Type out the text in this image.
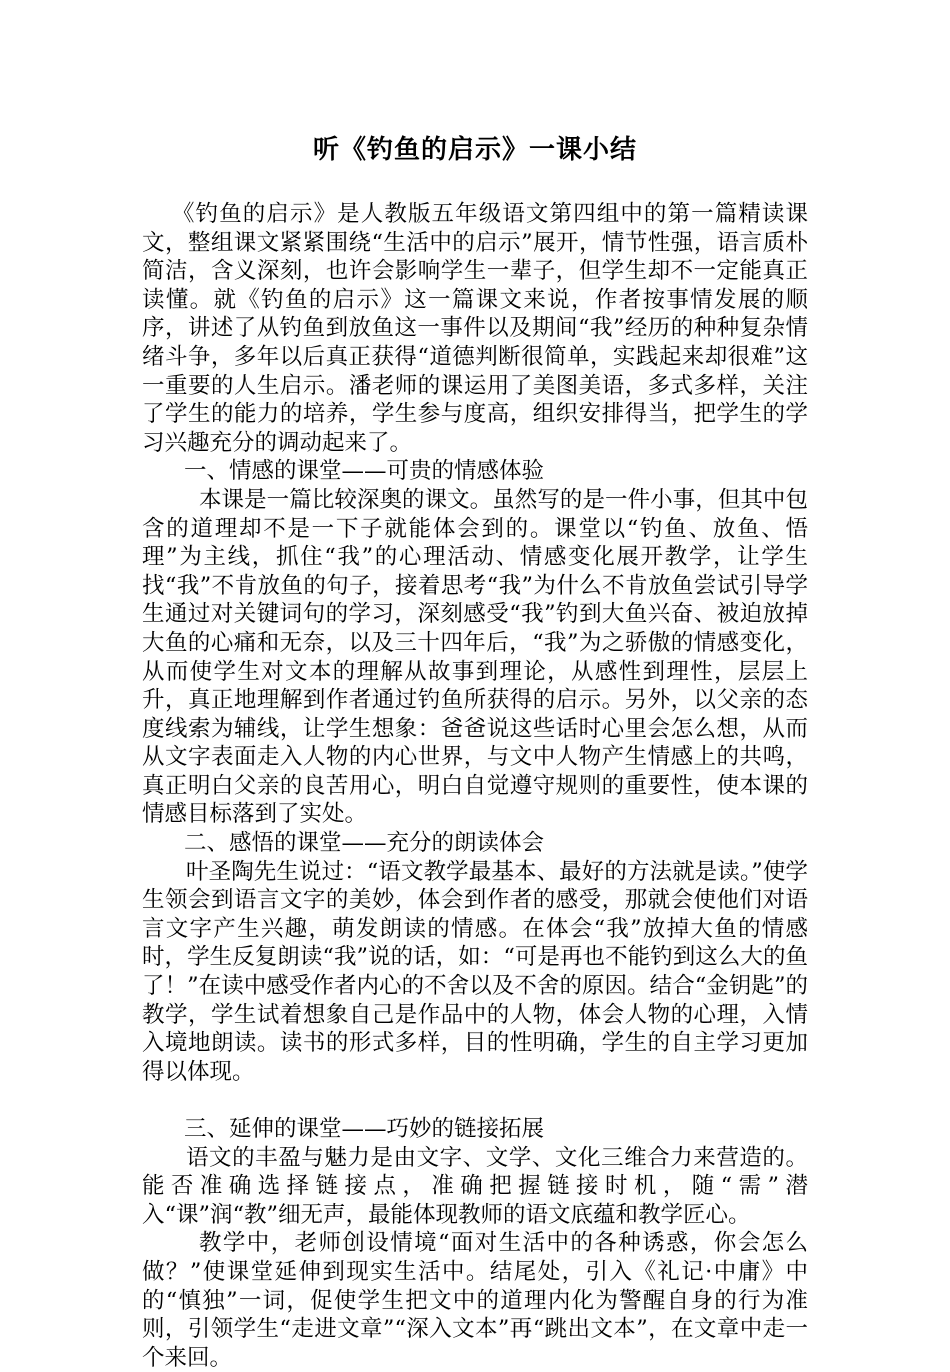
听《钓鱼的启示》一课小结

《钓鱼的启示》是人教版五年级语文第四组中的第一篇精读课文，整组课文紧紧围绕“生活中的启示”展开，情节性强，语言质朴简洁，含义深刻，也许会影响学生一辈子，但学生却不一定能真正读懂。就《钓鱼的启示》这一篇课文来说，作者按事情发展的顺序，讲述了从钓鱼到放鱼这一事件以及期间“我”经历的种种复杂情绪斗争，多年以后真正获得“道德判断很简单，实践起来却很难”这一重要的人生启示。潘老师的课运用了美图美语，多式多样，关注了学生的能力的培养，学生参与度高，组织安排得当，把学生的学习兴趣充分的调动起来了。

一、情感的课堂——可贵的情感体验

本课是一篇比较深奥的课文。虽然写的是一件小事，但其中包含的道理却不是一下子就能体会到的。课堂以“钓鱼、放鱼、悟理”为主线，抓住“我”的心理活动、情感变化展开教学，让学生找“我”不肯放鱼的句子，接着思考“我”为什么不肯放鱼尝试引导学生通过对关键词句的学习，深刻感受“我”钓到大鱼兴奋、被迫放掉大鱼的心痛和无奈，以及三十四年后，“我”为之骄傲的情感变化，从而使学生对文本的理解从故事到理论，从感性到理性，层层上升，真正地理解到作者通过钓鱼所获得的启示。另外，以父亲的态度线索为辅线，让学生想象：爸爸说这些话时心里会怎么想，从而从文字表面走入人物的内心世界，与文中人物产生情感上的共鸣，真正明白父亲的良苦用心，明白自觉遵守规则的重要性，使本课的情感目标落到了实处。

二、感悟的课堂——充分的朗读体会

叶圣陶先生说过：“语文教学最基本、最好的方法就是读。”使学生领会到语言文字的美妙，体会到作者的感受，那就会使他们对语言文字产生兴趣，萌发朗读的情感。在体会“我”放掉大鱼的情感时，学生反复朗读“我”说的话，如：“可是再也不能钓到这么大的鱼了！”在读中感受作者内心的不舍以及不舍的原因。结合“金钥匙”的教学，学生试着想象自己是作品中的人物，体会人物的心理，入情入境地朗读。读书的形式多样，目的性明确，学生的自主学习更加得以体现。

三、延伸的课堂——巧妙的链接拓展

语文的丰盈与魅力是由文字、文学、文化三维合力来营造的。能否准确选择链接点，准确把握链接时机，随“需”潜入“课”润“教”细无声，最能体现教师的语文底蕴和教学匠心。

教学中，老师创设情境“面对生活中的各种诱惑，你会怎么做？”使课堂延伸到现实生活中。结尾处，引入《礼记·中庸》中的“慎独”一词，促使学生把文中的道理内化为警醒自身的行为准则，引领学生“走进文章”“深入文本”再“跳出文本”，在文章中走一个来回。
